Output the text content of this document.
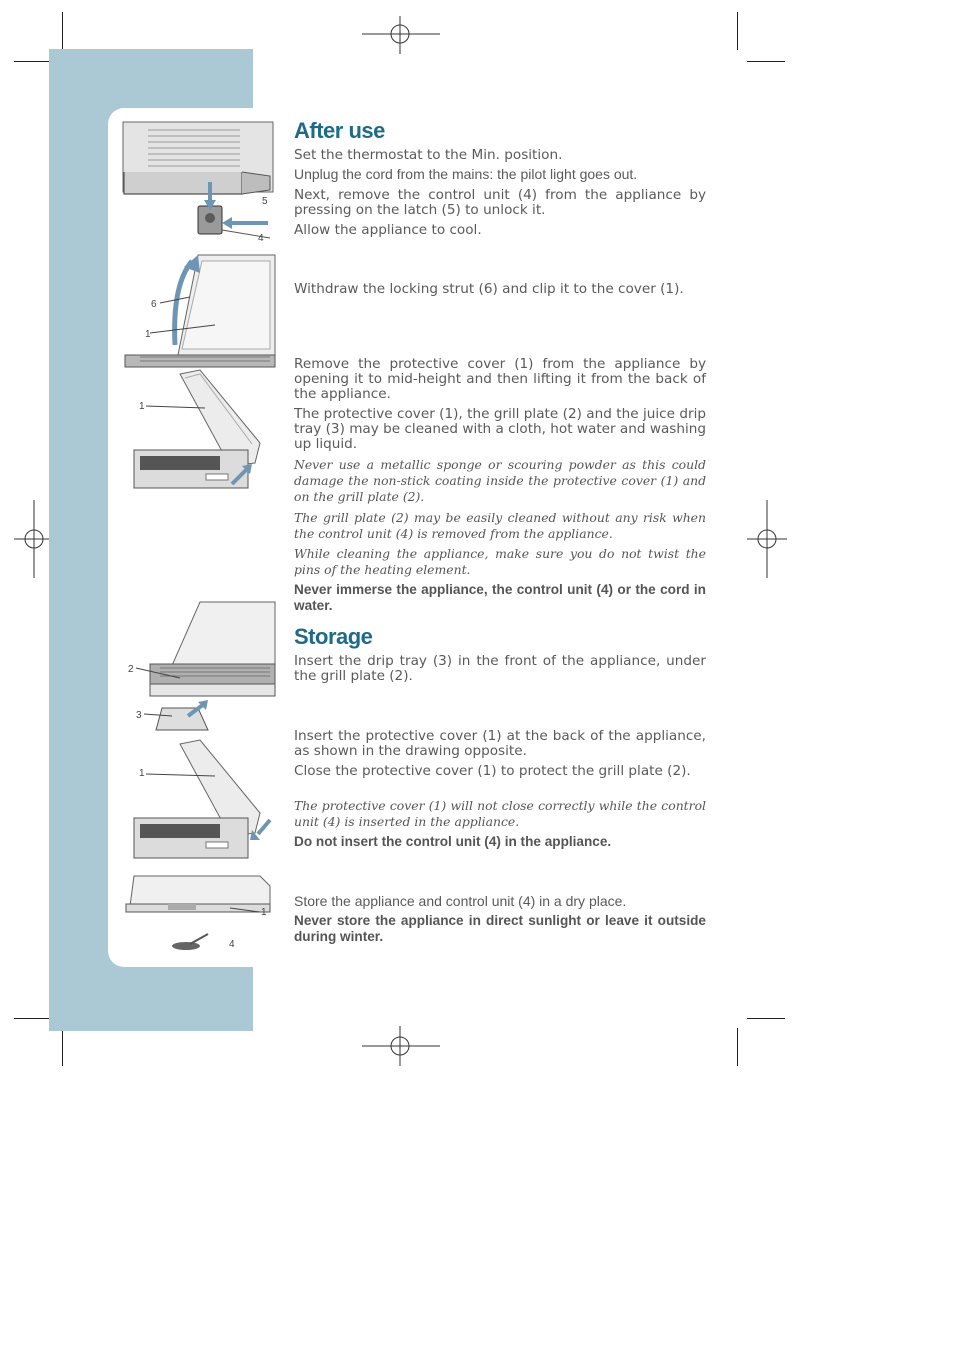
5
4
6
1
1
2
3
1
1
4
After use

Set the thermostat to the Min. position.

Unplug the cord from the mains: the pilot light goes out.

Next, remove the control unit (4) from the appliance by pressing on the latch (5) to unlock it.

Allow the appliance to cool.

Withdraw the locking strut (6) and clip it to the cover (1).

Remove the protective cover (1) from the appliance by opening it to mid-height and then lifting it from the back of the appliance.

The protective cover (1), the grill plate (2) and the juice drip tray (3) may be cleaned with a cloth, hot water and washing up liquid.

Never use a metallic sponge or scouring powder as this could damage the non-stick coating inside the protective cover (1) and on the grill plate (2).

The grill plate (2) may be easily cleaned without any risk when the control unit (4) is removed from the appliance.

While cleaning the appliance, make sure you do not twist the pins of the heating element.

Never immerse the appliance, the control unit (4) or the cord in water.

Storage

Insert the drip tray (3) in the front of the appliance, under the grill plate (2).

Insert the protective cover (1) at the back of the appliance, as shown in the drawing opposite.

Close the protective cover (1) to protect the grill plate (2).

The protective cover (1) will not close correctly while the control unit (4) is inserted in the appliance.

Do not insert the control unit (4) in the appliance.

Store the appliance and control unit (4) in a dry place.

Never store the appliance in direct sunlight or leave it outside during winter.
